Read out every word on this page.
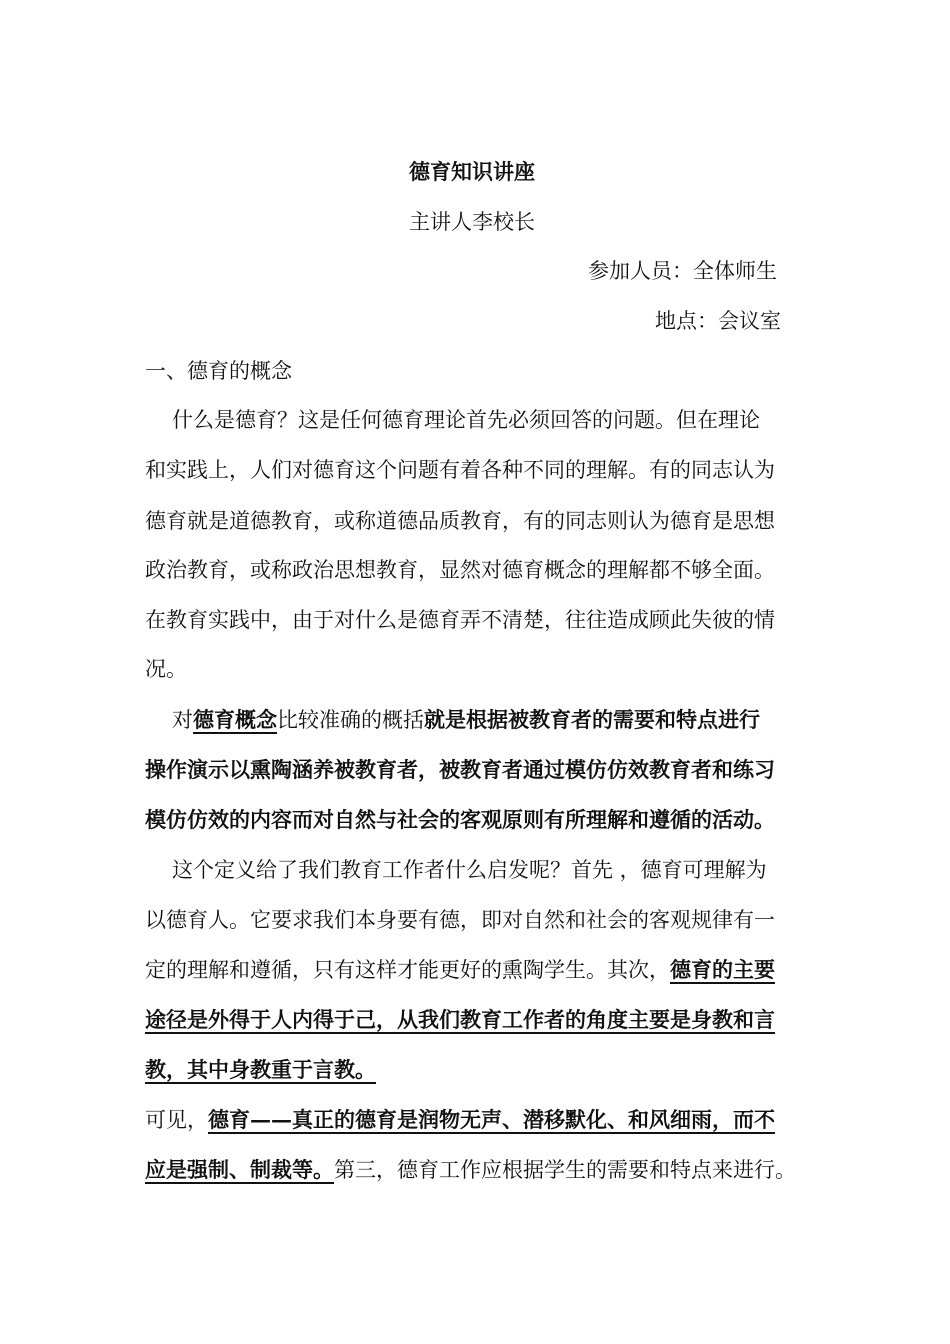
德育知识讲座
主讲人李校长
参加人员：全体师生
地点：会议室
一、德育的概念
什么是德育？这是任何德育理论首先必须回答的问题。但在理论
和实践上，人们对德育这个问题有着各种不同的理解。有的同志认为
德育就是道德教育，或称道德品质教育，有的同志则认为德育是思想
政治教育，或称政治思想教育，显然对德育概念的理解都不够全面。
在教育实践中，由于对什么是德育弄不清楚，往往造成顾此失彼的情
况。
对德育概念比较准确的概括就是根据被教育者的需要和特点进行
操作演示以熏陶涵养被教育者，被教育者通过模仿仿效教育者和练习
模仿仿效的内容而对自然与社会的客观原则有所理解和遵循的活动。
这个定义给了我们教育工作者什么启发呢？首先 ，德育可理解为
以德育人。它要求我们本身要有德，即对自然和社会的客观规律有一
定的理解和遵循，只有这样才能更好的熏陶学生。其次，德育的主要
途径是外得于人内得于己，从我们教育工作者的角度主要是身教和言
教，其中身教重于言教。
可见，德育——真正的德育是润物无声、潜移默化、和风细雨，而不
应是强制、制裁等。第三，德育工作应根据学生的需要和特点来进行。
